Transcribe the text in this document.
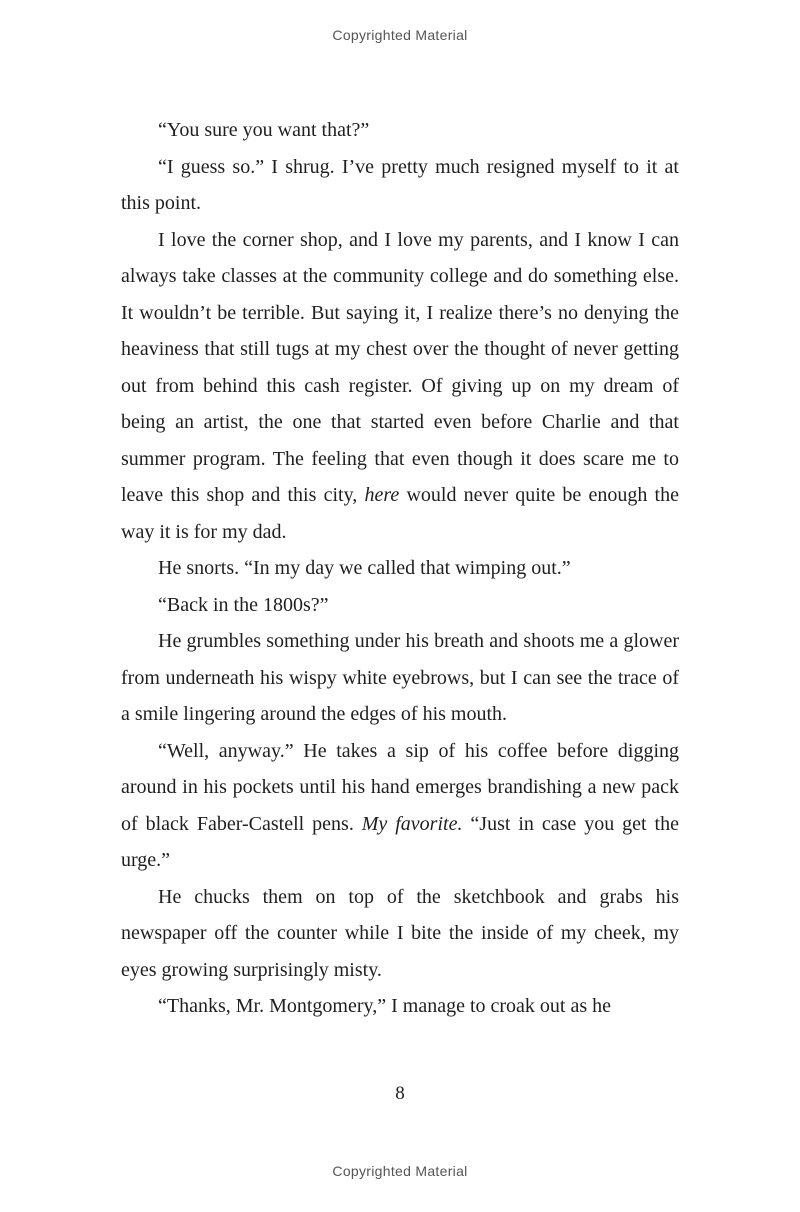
Copyrighted Material

“You sure you want that?”

“I guess so.” I shrug. I’ve pretty much resigned myself to it at this point.

I love the corner shop, and I love my parents, and I know I can always take classes at the community college and do something else. It wouldn’t be terrible. But saying it, I realize there’s no denying the heaviness that still tugs at my chest over the thought of never getting out from behind this cash register. Of giving up on my dream of being an artist, the one that started even before Charlie and that summer program. The feeling that even though it does scare me to leave this shop and this city, here would never quite be enough the way it is for my dad.

He snorts. “In my day we called that wimping out.”

“Back in the 1800s?”

He grumbles something under his breath and shoots me a glower from underneath his wispy white eyebrows, but I can see the trace of a smile lingering around the edges of his mouth.

“Well, anyway.” He takes a sip of his coffee before digging around in his pockets until his hand emerges brandishing a new pack of black Faber-Castell pens. My favorite. “Just in case you get the urge.”

He chucks them on top of the sketchbook and grabs his newspaper off the counter while I bite the inside of my cheek, my eyes growing surprisingly misty.

“Thanks, Mr. Montgomery,” I manage to croak out as he

8
Copyrighted Material
